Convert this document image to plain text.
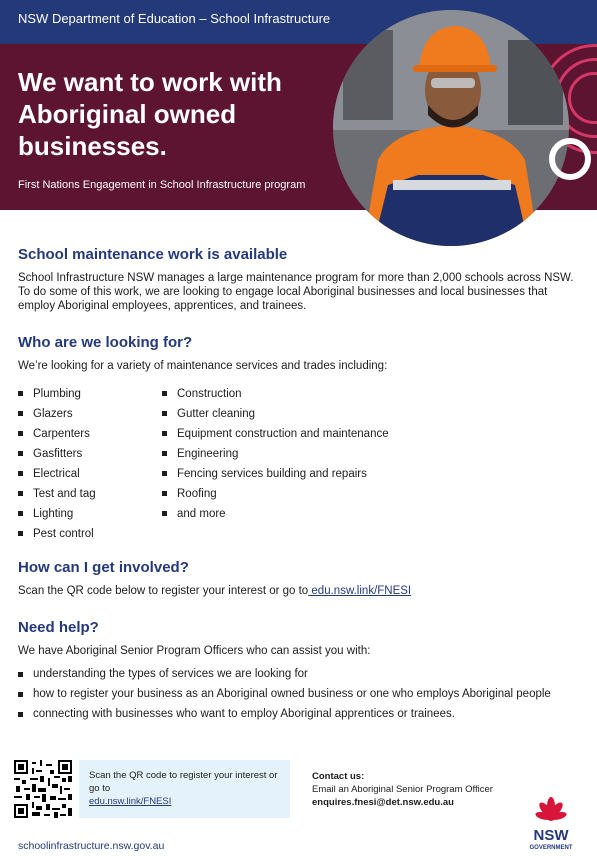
NSW Department of Education – School Infrastructure
We want to work with Aboriginal owned businesses.
First Nations Engagement in School Infrastructure program
School maintenance work is available
School Infrastructure NSW manages a large maintenance program for more than 2,000 schools across NSW. To do some of this work, we are looking to engage local Aboriginal businesses and local businesses that employ Aboriginal employees, apprentices, and trainees.
Who are we looking for?
We’re looking for a variety of maintenance services and trades including:
Plumbing
Glazers
Carpenters
Gasfitters
Electrical
Test and tag
Lighting
Pest control
Construction
Gutter cleaning
Equipment construction and maintenance
Engineering
Fencing services building and repairs
Roofing
and more
How can I get involved?
Scan the QR code below to register your interest or go to edu.nsw.link/FNESI
Need help?
We have Aboriginal Senior Program Officers who can assist you with:
understanding the types of services we are looking for
how to register your business as an Aboriginal owned business or one who employs Aboriginal people
connecting with businesses who want to employ Aboriginal apprentices or trainees.
Scan the QR code to register your interest or go to
edu.nsw.link/FNESI
Contact us:
Email an Aboriginal Senior Program Officer
enquires.fnesi@det.nsw.edu.au
schoolinfrastructure.nsw.gov.au
NSW
GOVERNMENT
